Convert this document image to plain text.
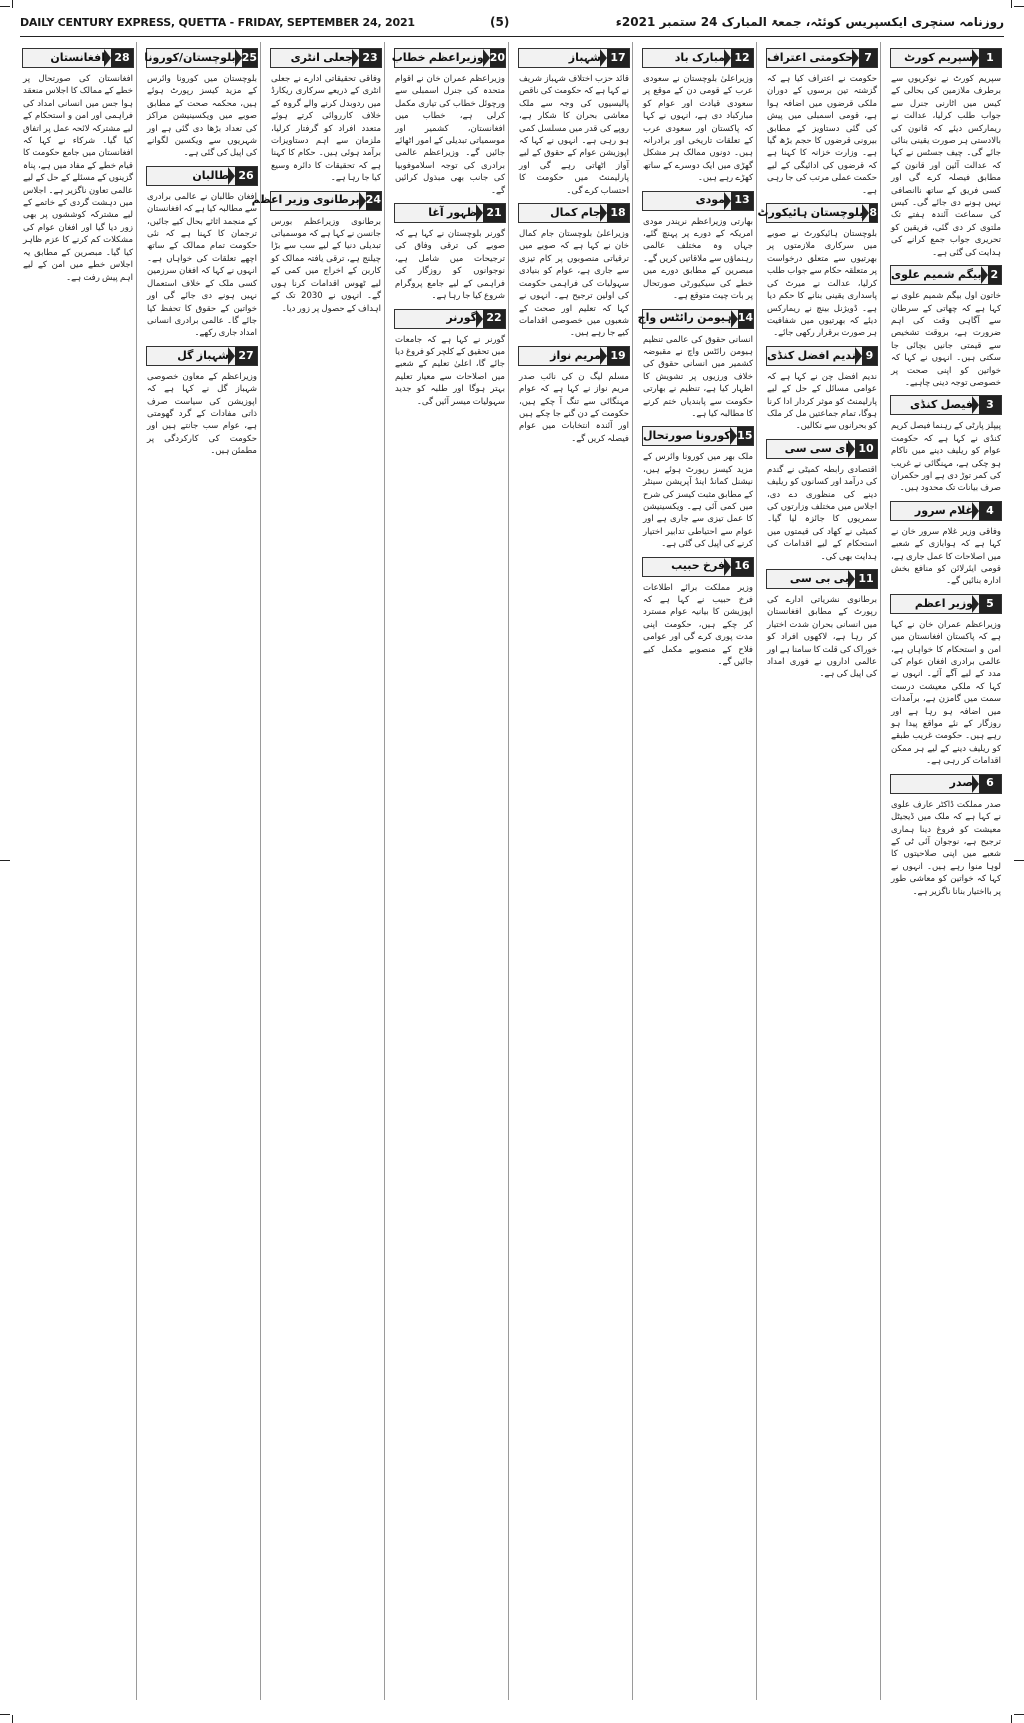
DAILY CENTURY EXPRESS, QUETTA - FRIDAY, SEPTEMBER 24, 2021	(5)	روزنامہ سنچری ایکسپریس کوئٹہ، جمعۃ المبارک 24 ستمبر 2021ء
1
سپریم کورٹ
سپریم کورٹ نے نوکریوں سے برطرف ملازمین کی بحالی کے کیس میں اٹارنی جنرل سے جواب طلب کرلیا، عدالت نے ریمارکس دیئے کہ قانون کی بالادستی ہر صورت یقینی بنائی جائے گی۔ چیف جسٹس نے کہا کہ عدالت آئین اور قانون کے مطابق فیصلہ کرے گی اور کسی فریق کے ساتھ ناانصافی نہیں ہونے دی جائے گی۔ کیس کی سماعت آئندہ ہفتے تک ملتوی کر دی گئی، فریقین کو تحریری جواب جمع کرانے کی ہدایت کی گئی ہے۔
2
بیگم شمیم علوی
خاتون اول بیگم شمیم علوی نے کہا ہے کہ چھاتی کے سرطان سے آگاہی وقت کی اہم ضرورت ہے، بروقت تشخیص سے قیمتی جانیں بچائی جا سکتی ہیں۔ انہوں نے کہا کہ خواتین کو اپنی صحت پر خصوصی توجہ دینی چاہیے۔
3
فیصل کنڈی
پیپلز پارٹی کے رہنما فیصل کریم کنڈی نے کہا ہے کہ حکومت عوام کو ریلیف دینے میں ناکام ہو چکی ہے، مہنگائی نے غریب کی کمر توڑ دی ہے اور حکمران صرف بیانات تک محدود ہیں۔
4
غلام سرور
وفاقی وزیر غلام سرور خان نے کہا ہے کہ ہوابازی کے شعبے میں اصلاحات کا عمل جاری ہے، قومی ایئرلائن کو منافع بخش ادارہ بنائیں گے۔
5
وزیر اعظم
وزیراعظم عمران خان نے کہا ہے کہ پاکستان افغانستان میں امن و استحکام کا خواہاں ہے، عالمی برادری افغان عوام کی مدد کے لیے آگے آئے۔ انہوں نے کہا کہ ملکی معیشت درست سمت میں گامزن ہے، برآمدات میں اضافہ ہو رہا ہے اور روزگار کے نئے مواقع پیدا ہو رہے ہیں۔ حکومت غریب طبقے کو ریلیف دینے کے لیے ہر ممکن اقدامات کر رہی ہے۔
6
صدر
صدر مملکت ڈاکٹر عارف علوی نے کہا ہے کہ ملک میں ڈیجیٹل معیشت کو فروغ دینا ہماری ترجیح ہے، نوجوان آئی ٹی کے شعبے میں اپنی صلاحیتوں کا لوہا منوا رہے ہیں۔ انہوں نے کہا کہ خواتین کو معاشی طور پر بااختیار بنانا ناگزیر ہے۔
7
حکومتی اعتراف
حکومت نے اعتراف کیا ہے کہ گزشتہ تین برسوں کے دوران ملکی قرضوں میں اضافہ ہوا ہے، قومی اسمبلی میں پیش کی گئی دستاویز کے مطابق بیرونی قرضوں کا حجم بڑھ گیا ہے۔ وزارت خزانہ کا کہنا ہے کہ قرضوں کی ادائیگی کے لیے حکمت عملی مرتب کی جا رہی ہے۔
8
بلوچستان ہائیکورٹ
بلوچستان ہائیکورٹ نے صوبے میں سرکاری ملازمتوں پر بھرتیوں سے متعلق درخواست پر متعلقہ حکام سے جواب طلب کرلیا، عدالت نے میرٹ کی پاسداری یقینی بنانے کا حکم دیا ہے۔ ڈویژنل بینچ نے ریمارکس دیئے کہ بھرتیوں میں شفافیت ہر صورت برقرار رکھی جائے۔
9
ندیم افضل کنڈی
ندیم افضل چن نے کہا ہے کہ عوامی مسائل کے حل کے لیے پارلیمنٹ کو موثر کردار ادا کرنا ہوگا، تمام جماعتیں مل کر ملک کو بحرانوں سے نکالیں۔
10
ای سی سی
اقتصادی رابطہ کمیٹی نے گندم کی درآمد اور کسانوں کو ریلیف دینے کی منظوری دے دی، اجلاس میں مختلف وزارتوں کی سمریوں کا جائزہ لیا گیا۔ کمیٹی نے کھاد کی قیمتوں میں استحکام کے لیے اقدامات کی ہدایت بھی کی۔
11
بی بی سی
برطانوی نشریاتی ادارے کی رپورٹ کے مطابق افغانستان میں انسانی بحران شدت اختیار کر رہا ہے، لاکھوں افراد کو خوراک کی قلت کا سامنا ہے اور عالمی اداروں نے فوری امداد کی اپیل کی ہے۔
12
مبارک باد
وزیراعلیٰ بلوچستان نے سعودی عرب کے قومی دن کے موقع پر سعودی قیادت اور عوام کو مبارکباد دی ہے، انہوں نے کہا کہ پاکستان اور سعودی عرب کے تعلقات تاریخی اور برادرانہ ہیں۔ دونوں ممالک ہر مشکل گھڑی میں ایک دوسرے کے ساتھ کھڑے رہے ہیں۔
13
مودی
بھارتی وزیراعظم نریندر مودی امریکہ کے دورے پر پہنچ گئے، جہاں وہ مختلف عالمی رہنماؤں سے ملاقاتیں کریں گے۔ مبصرین کے مطابق دورے میں خطے کی سیکیورٹی صورتحال پر بات چیت متوقع ہے۔
14
ہیومن رائٹس واچ
انسانی حقوق کی عالمی تنظیم ہیومن رائٹس واچ نے مقبوضہ کشمیر میں انسانی حقوق کی خلاف ورزیوں پر تشویش کا اظہار کیا ہے، تنظیم نے بھارتی حکومت سے پابندیاں ختم کرنے کا مطالبہ کیا ہے۔
15
کورونا صورتحال
ملک بھر میں کورونا وائرس کے مزید کیسز رپورٹ ہوئے ہیں، نیشنل کمانڈ اینڈ آپریشن سینٹر کے مطابق مثبت کیسز کی شرح میں کمی آئی ہے۔ ویکسینیشن کا عمل تیزی سے جاری ہے اور عوام سے احتیاطی تدابیر اختیار کرنے کی اپیل کی گئی ہے۔
16
فرخ حبیب
وزیر مملکت برائے اطلاعات فرخ حبیب نے کہا ہے کہ اپوزیشن کا بیانیہ عوام مسترد کر چکے ہیں، حکومت اپنی مدت پوری کرے گی اور عوامی فلاح کے منصوبے مکمل کیے جائیں گے۔
17
شہباز
قائد حزب اختلاف شہباز شریف نے کہا ہے کہ حکومت کی ناقص پالیسیوں کی وجہ سے ملک معاشی بحران کا شکار ہے، روپے کی قدر میں مسلسل کمی ہو رہی ہے۔ انہوں نے کہا کہ اپوزیشن عوام کے حقوق کے لیے آواز اٹھاتی رہے گی اور پارلیمنٹ میں حکومت کا احتساب کرے گی۔
18
جام کمال
وزیراعلیٰ بلوچستان جام کمال خان نے کہا ہے کہ صوبے میں ترقیاتی منصوبوں پر کام تیزی سے جاری ہے، عوام کو بنیادی سہولیات کی فراہمی حکومت کی اولین ترجیح ہے۔ انہوں نے کہا کہ تعلیم اور صحت کے شعبوں میں خصوصی اقدامات کیے جا رہے ہیں۔
19
مریم نواز
مسلم لیگ ن کی نائب صدر مریم نواز نے کہا ہے کہ عوام مہنگائی سے تنگ آ چکے ہیں، حکومت کے دن گنے جا چکے ہیں اور آئندہ انتخابات میں عوام فیصلہ کریں گے۔
20
وزیراعظم خطاب
وزیراعظم عمران خان نے اقوام متحدہ کی جنرل اسمبلی سے ورچوئل خطاب کی تیاری مکمل کرلی ہے، خطاب میں افغانستان، کشمیر اور موسمیاتی تبدیلی کے امور اٹھائے جائیں گے۔ وزیراعظم عالمی برادری کی توجہ اسلاموفوبیا کی جانب بھی مبذول کرائیں گے۔
21
ظہور آغا
گورنر بلوچستان نے کہا ہے کہ صوبے کی ترقی وفاق کی ترجیحات میں شامل ہے، نوجوانوں کو روزگار کی فراہمی کے لیے جامع پروگرام شروع کیا جا رہا ہے۔
22
گورنر
گورنر نے کہا ہے کہ جامعات میں تحقیق کے کلچر کو فروغ دیا جائے گا، اعلیٰ تعلیم کے شعبے میں اصلاحات سے معیار تعلیم بہتر ہوگا اور طلبہ کو جدید سہولیات میسر آئیں گی۔
23
جعلی انٹری
وفاقی تحقیقاتی ادارے نے جعلی انٹری کے ذریعے سرکاری ریکارڈ میں ردوبدل کرنے والے گروہ کے خلاف کارروائی کرتے ہوئے متعدد افراد کو گرفتار کرلیا، ملزمان سے اہم دستاویزات برآمد ہوئی ہیں۔ حکام کا کہنا ہے کہ تحقیقات کا دائرہ وسیع کیا جا رہا ہے۔
24
برطانوی وزیر اعظم
برطانوی وزیراعظم بورس جانسن نے کہا ہے کہ موسمیاتی تبدیلی دنیا کے لیے سب سے بڑا چیلنج ہے، ترقی یافتہ ممالک کو کاربن کے اخراج میں کمی کے لیے ٹھوس اقدامات کرنا ہوں گے۔ انہوں نے 2030 تک کے اہداف کے حصول پر زور دیا۔
25
بلوچستان/کورونا
بلوچستان میں کورونا وائرس کے مزید کیسز رپورٹ ہوئے ہیں، محکمہ صحت کے مطابق صوبے میں ویکسینیشن مراکز کی تعداد بڑھا دی گئی ہے اور شہریوں سے ویکسین لگوانے کی اپیل کی گئی ہے۔
26
طالبان
افغان طالبان نے عالمی برادری سے مطالبہ کیا ہے کہ افغانستان کے منجمد اثاثے بحال کیے جائیں، ترجمان کا کہنا ہے کہ نئی حکومت تمام ممالک کے ساتھ اچھے تعلقات کی خواہاں ہے۔ انہوں نے کہا کہ افغان سرزمین کسی ملک کے خلاف استعمال نہیں ہونے دی جائے گی اور خواتین کے حقوق کا تحفظ کیا جائے گا۔ عالمی برادری انسانی امداد جاری رکھے۔
27
شہباز گل
وزیراعظم کے معاون خصوصی شہباز گل نے کہا ہے کہ اپوزیشن کی سیاست صرف ذاتی مفادات کے گرد گھومتی ہے، عوام سب جانتے ہیں اور حکومت کی کارکردگی پر مطمئن ہیں۔
28
افغانستان
افغانستان کی صورتحال پر خطے کے ممالک کا اجلاس منعقد ہوا جس میں انسانی امداد کی فراہمی اور امن و استحکام کے لیے مشترکہ لائحہ عمل پر اتفاق کیا گیا۔ شرکاء نے کہا کہ افغانستان میں جامع حکومت کا قیام خطے کے مفاد میں ہے، پناہ گزینوں کے مسئلے کے حل کے لیے عالمی تعاون ناگزیر ہے۔ اجلاس میں دہشت گردی کے خاتمے کے لیے مشترکہ کوششوں پر بھی زور دیا گیا اور افغان عوام کی مشکلات کم کرنے کا عزم ظاہر کیا گیا۔ مبصرین کے مطابق یہ اجلاس خطے میں امن کے لیے اہم پیش رفت ہے۔
